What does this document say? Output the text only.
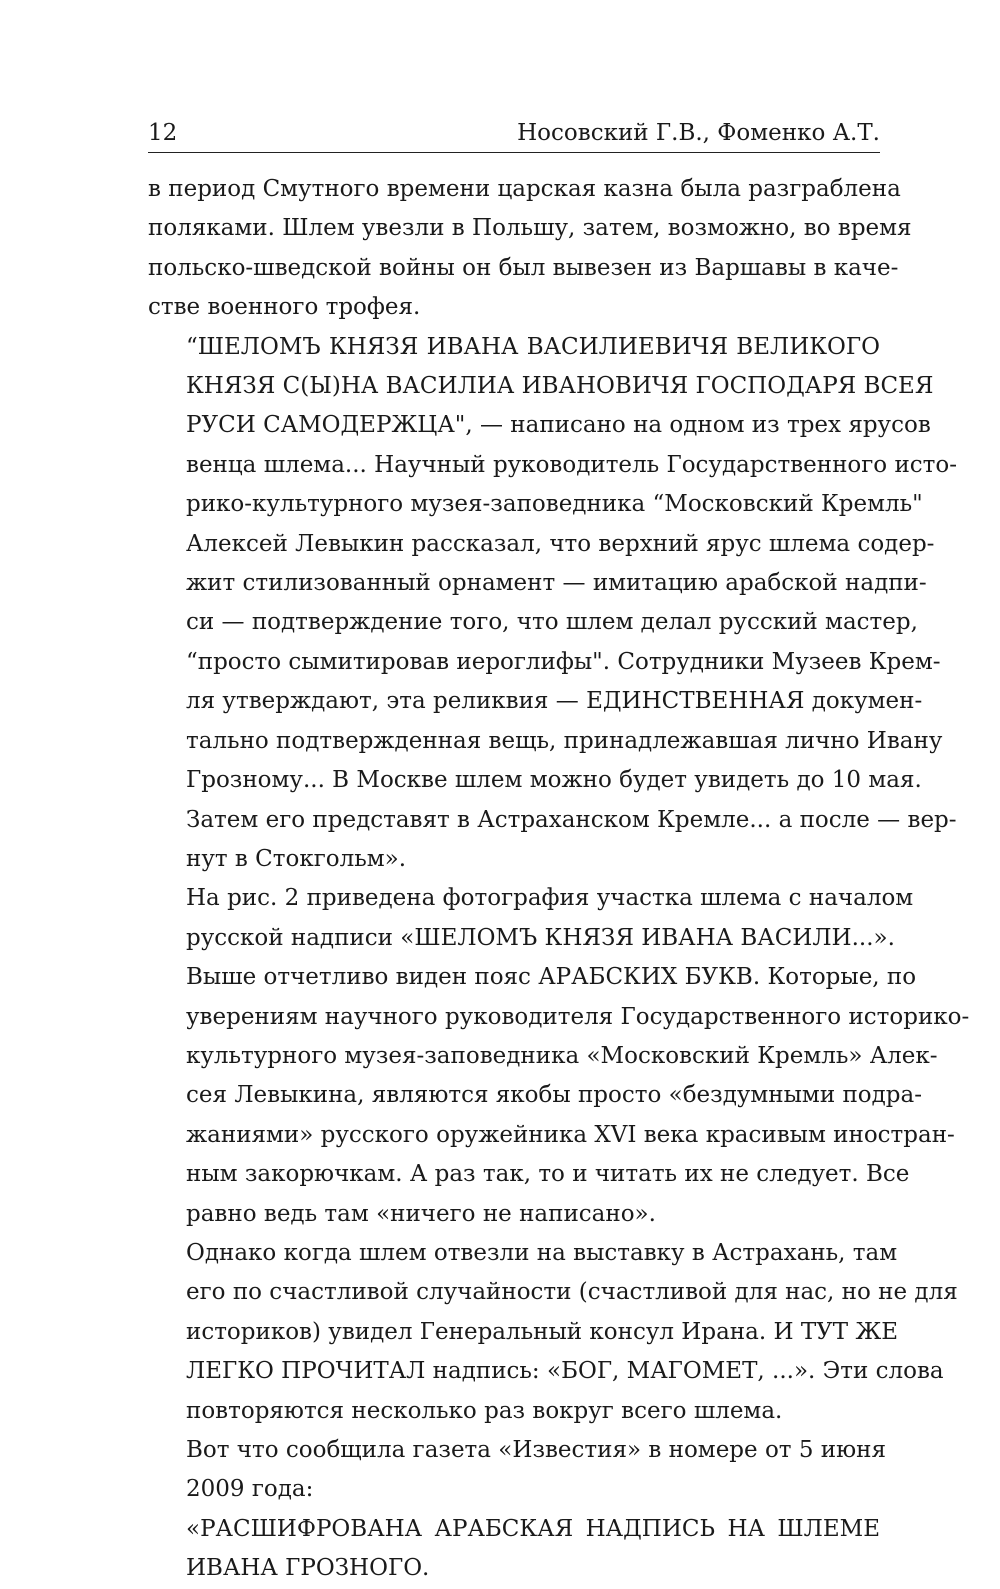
12	Носовский Г.В., Фоменко А.Т.

в период Смутного времени царская казна была разграблена
поляками. Шлем увезли в Польшу, затем, возможно, во время
польско-шведской войны он был вывезен из Варшавы в каче-
стве военного трофея.

“ШЕЛОМЪ КНЯЗЯ ИВАНА ВАСИЛИЕВИЧЯ ВЕЛИКОГО
КНЯЗЯ С(Ы)НА ВАСИЛИА ИВАНОВИЧЯ ГОСПОДАРЯ ВСЕЯ
РУСИ САМОДЕРЖЦА", — написано на одном из трех ярусов
венца шлема... Научный руководитель Государственного исто-
рико-культурного музея-заповедника “Московский Кремль"
Алексей Левыкин рассказал, что верхний ярус шлема содер-
жит стилизованный орнамент — имитацию арабской надпи-
си — подтверждение того, что шлем делал русский мастер,
“просто сымитировав иероглифы". Сотрудники Музеев Крем-
ля утверждают, эта реликвия — ЕДИНСТВЕННАЯ докумен-
тально подтвержденная вещь, принадлежавшая лично Ивану
Грозному... В Москве шлем можно будет увидеть до 10 мая.
Затем его представят в Астраханском Кремле... а после — вер-
нут в Стокгольм».

На рис. 2 приведена фотография участка шлема с началом
русской надписи «ШЕЛОМЪ КНЯЗЯ ИВАНА ВАСИЛИ...».
Выше отчетливо виден пояс АРАБСКИХ БУКВ. Которые, по
уверениям научного руководителя Государственного историко-
культурного музея-заповедника «Московский Кремль» Алек-
сея Левыкина, являются якобы просто «бездумными подра-
жаниями» русского оружейника XVI века красивым иностран-
ным закорючкам. А раз так, то и читать их не следует. Все
равно ведь там «ничего не написано».

Однако когда шлем отвезли на выставку в Астрахань, там
его по счастливой случайности (счастливой для нас, но не для
историков) увидел Генеральный консул Ирана. И ТУТ ЖЕ
ЛЕГКО ПРОЧИТАЛ надпись: «БОГ, МАГОМЕТ, ...». Эти слова
повторяются несколько раз вокруг всего шлема.

Вот что сообщила газета «Известия» в номере от 5 июня
2009 года:

«РАСШИФРОВАНА АРАБСКАЯ НАДПИСЬ НА ШЛЕМЕ
ИВАНА ГРОЗНОГО.
